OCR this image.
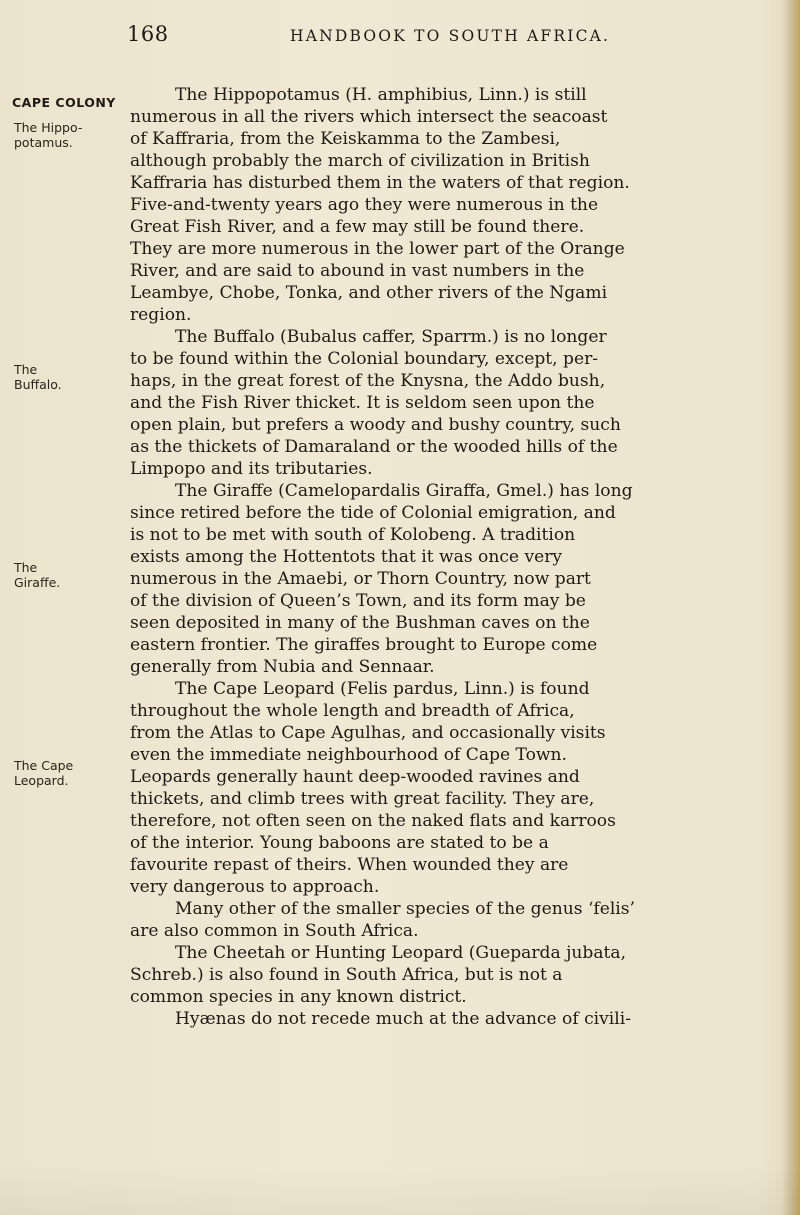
168	HANDBOOK TO SOUTH AFRICA.
CAPE COLONY
The Hippo-
potamus.
The
Buffalo.
The
Giraffe.
The Cape
Leopard.
The Hippopotamus (H. amphibius, Linn.) is still
numerous in all the rivers which intersect the seacoast
of Kaffraria, from the Keiskamma to the Zambesi,
although probably the march of civilization in British
Kaffraria has disturbed them in the waters of that region.
Five-and-twenty years ago they were numerous in the
Great Fish River, and a few may still be found there.
They are more numerous in the lower part of the Orange
River, and are said to abound in vast numbers in the
Leambye, Chobe, Tonka, and other rivers of the Ngami
region.
The Buffalo (Bubalus caffer, Sparrm.) is no longer
to be found within the Colonial boundary, except, per-
haps, in the great forest of the Knysna, the Addo bush,
and the Fish River thicket. It is seldom seen upon the
open plain, but prefers a woody and bushy country, such
as the thickets of Damaraland or the wooded hills of the
Limpopo and its tributaries.
The Giraffe (Camelopardalis Giraffa, Gmel.) has long
since retired before the tide of Colonial emigration, and
is not to be met with south of Kolobeng. A tradition
exists among the Hottentots that it was once very
numerous in the Amaebi, or Thorn Country, now part
of the division of Queen’s Town, and its form may be
seen deposited in many of the Bushman caves on the
eastern frontier. The giraffes brought to Europe come
generally from Nubia and Sennaar.
The Cape Leopard (Felis pardus, Linn.) is found
throughout the whole length and breadth of Africa,
from the Atlas to Cape Agulhas, and occasionally visits
even the immediate neighbourhood of Cape Town.
Leopards generally haunt deep-wooded ravines and
thickets, and climb trees with great facility. They are,
therefore, not often seen on the naked flats and karroos
of the interior. Young baboons are stated to be a
favourite repast of theirs. When wounded they are
very dangerous to approach.
Many other of the smaller species of the genus ‘felis’
are also common in South Africa.
The Cheetah or Hunting Leopard (Guepardа jubata,
Schreb.) is also found in South Africa, but is not a
common species in any known district.
Hyænas do not recede much at the advance of civili-
